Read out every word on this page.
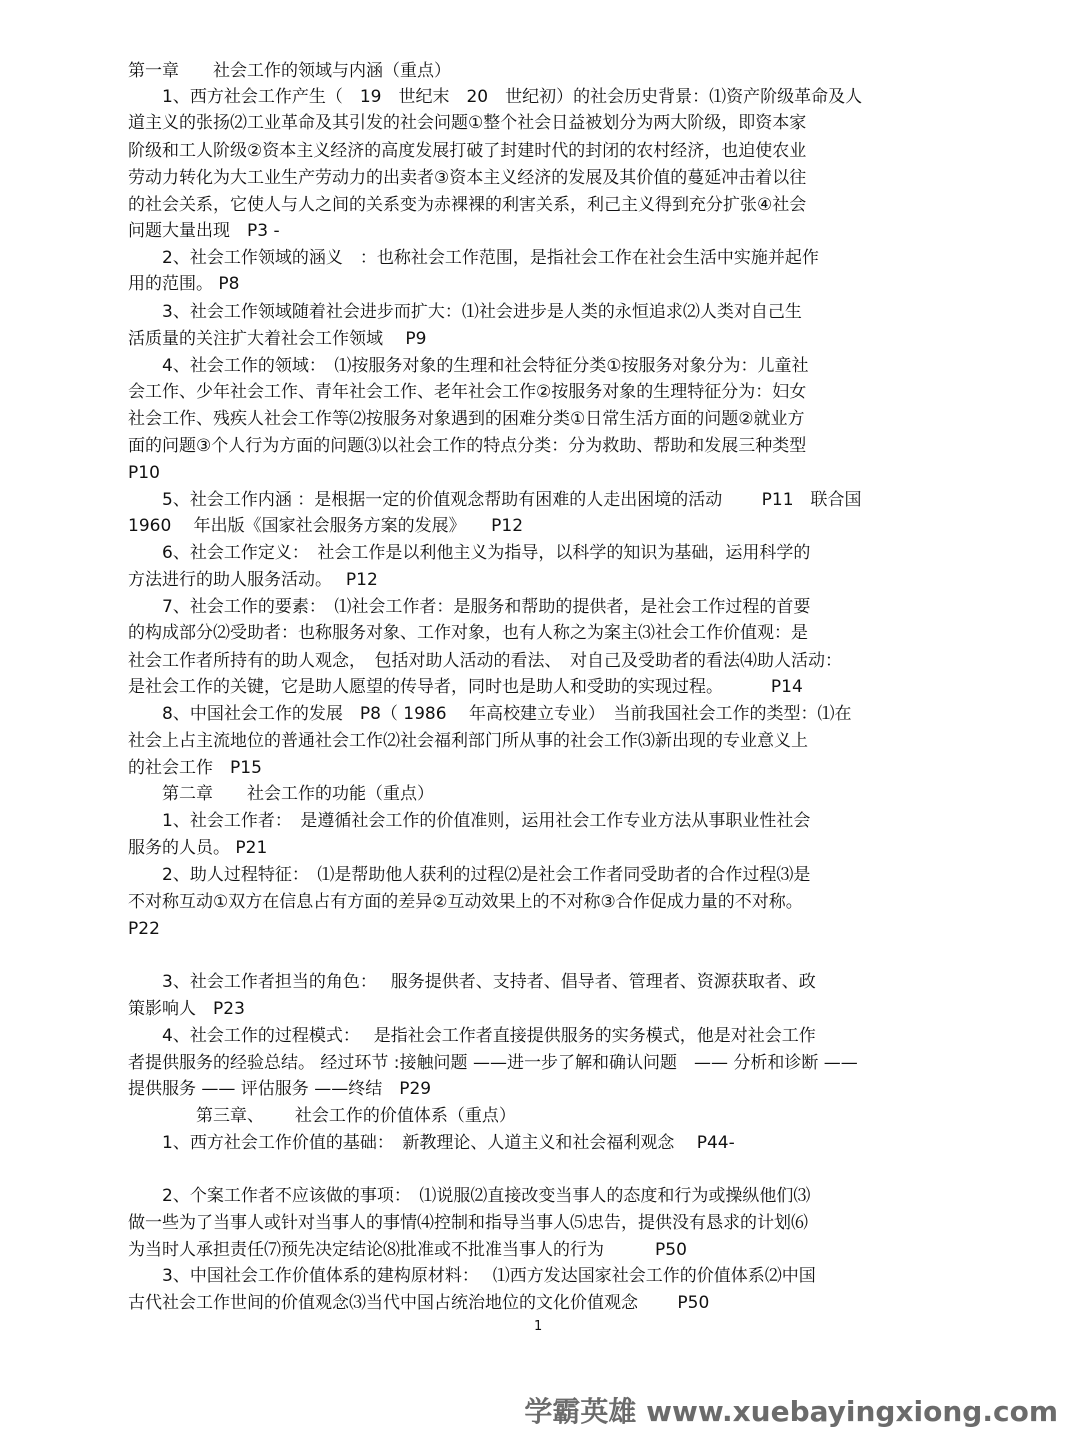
第一章　　社会工作的领域与内涵（重点）
　　1、西方社会工作产生（　19　世纪末　20　世纪初）的社会历史背景：⑴资产阶级革命及人
道主义的张扬⑵工业革命及其引发的社会问题①整个社会日益被划分为两大阶级，即资本家
阶级和工人阶级②资本主义经济的高度发展打破了封建时代的封闭的农村经济，也迫使农业
劳动力转化为大工业生产劳动力的出卖者③资本主义经济的发展及其价值的蔓延冲击着以往
的社会关系，它使人与人之间的关系变为赤裸裸的利害关系，利己主义得到充分扩张④社会
问题大量出现　P3 -
　　2、社会工作领域的涵义　：也称社会工作范围，是指社会工作在社会生活中实施并起作
用的范围。 P8
　　3、社会工作领域随着社会进步而扩大：⑴社会进步是人类的永恒追求⑵人类对自己生
活质量的关注扩大着社会工作领域　 P9
　　4、社会工作的领域：　⑴按服务对象的生理和社会特征分类①按服务对象分为：儿童社
会工作、少年社会工作、青年社会工作、老年社会工作②按服务对象的生理特征分为：妇女
社会工作、残疾人社会工作等⑵按服务对象遇到的困难分类①日常生活方面的问题②就业方
面的问题③个人行为方面的问题⑶以社会工作的特点分类：分为救助、帮助和发展三种类型
P10
　　5、社会工作内涵 ：是根据一定的价值观念帮助有困难的人走出困境的活动　　 P11　联合国
1960　 年出版《国家社会服务方案的发展》　　P12
　　6、社会工作定义：　社会工作是以利他主义为指导，以科学的知识为基础，运用科学的
方法进行的助人服务活动。　 P12
　　7、社会工作的要素：　⑴社会工作者：是服务和帮助的提供者，是社会工作过程的首要
的构成部分⑵受助者：也称服务对象、工作对象，也有人称之为案主⑶社会工作价值观：是
社会工作者所持有的助人观念，　包括对助人活动的看法、　对自己及受助者的看法⑷助人活动：
是社会工作的关键，它是助人愿望的传导者，同时也是助人和受助的实现过程。　　　 P14
　　8、中国社会工作的发展　P8（ 1986　 年高校建立专业）　当前我国社会工作的类型：⑴在
社会上占主流地位的普通社会工作⑵社会福利部门所从事的社会工作⑶新出现的专业意义上
的社会工作　P15
　　第二章　　社会工作的功能（重点）
　　1、社会工作者：　是遵循社会工作的价值准则，运用社会工作专业方法从事职业性社会
服务的人员。 P21
　　2、助人过程特征：　⑴是帮助他人获利的过程⑵是社会工作者同受助者的合作过程⑶是
不对称互动①双方在信息占有方面的差异②互动效果上的不对称③合作促成力量的不对称。
P22
　　3、社会工作者担当的角色：　 服务提供者、支持者、倡导者、管理者、资源获取者、政
策影响人　P23
　　4、社会工作的过程模式：　 是指社会工作者直接提供服务的实务模式，他是对社会工作
者提供服务的经验总结。 经过环节 :接触问题 ——进一步了解和确认问题　—— 分析和诊断 ——
提供服务 —— 评估服务 ——终结　P29
　　　　第三章、　　 社会工作的价值体系（重点）
　　1、西方社会工作价值的基础：　新教理论、人道主义和社会福利观念　 P44-
　　2、个案工作者不应该做的事项：　⑴说服⑵直接改变当事人的态度和行为或操纵他们⑶
做一些为了当事人或针对当事人的事情⑷控制和指导当事人⑸忠告，提供没有恳求的计划⑹
为当时人承担责任⑺预先决定结论⑻批准或不批准当事人的行为　　　P50
　　3、中国社会工作价值体系的建构原材料：　 ⑴西方发达国家社会工作的价值体系⑵中国
古代社会工作世间的价值观念⑶当代中国占统治地位的文化价值观念　　 P50
1
学霸英雄 www.xuebayingxiong.com
